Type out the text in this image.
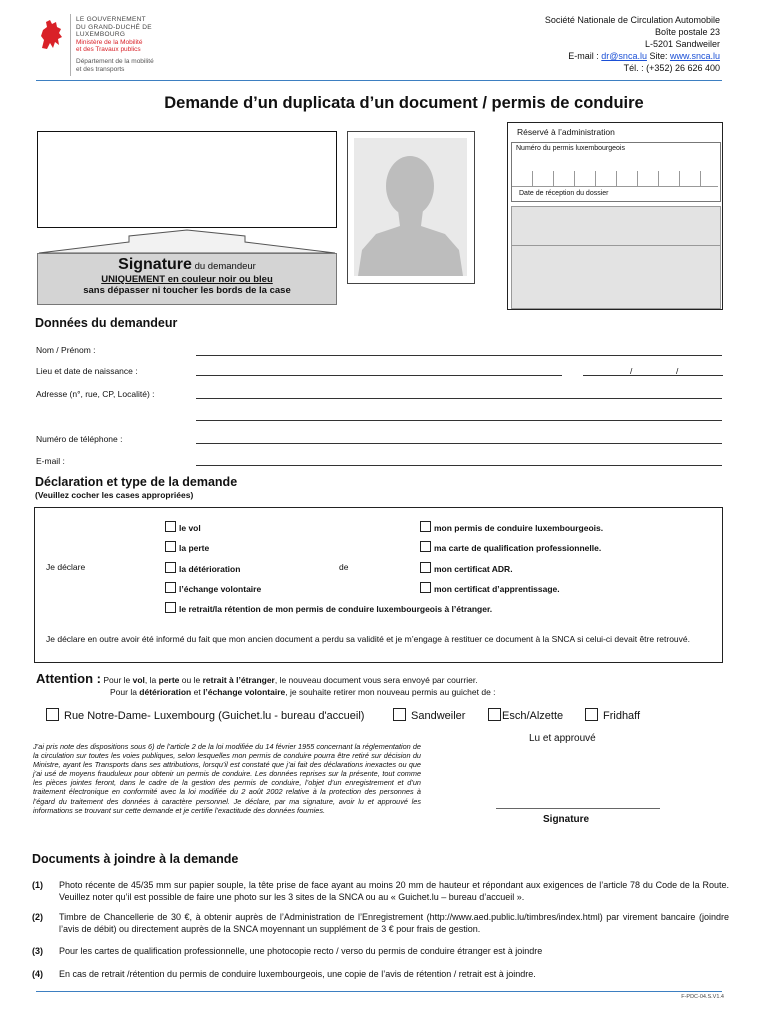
LE GOUVERNEMENT
DU GRAND-DUCHÉ DE LUXEMBOURG
Ministère de la Mobilité
et des Travaux publics
Département de la mobilité
et des transports
Société Nationale de Circulation Automobile
Boîte postale 23
L-5201 Sandweiler
E-mail : dr@snca.lu Site: www.snca.lu
Tél. : (+352) 26 626 400
Demande d’un duplicata d’un document / permis de conduire
Signature du demandeur
UNIQUEMENT en couleur noir ou bleu
sans dépasser ni toucher les bords de la case
Réservé à l’administration
Numéro du permis luxembourgeois
Date de réception du dossier
Données du demandeur
Nom / Prénom :
Lieu et date de naissance :	/	/
Adresse (n°, rue, CP, Localité) :
Numéro de téléphone :
E-mail :
Déclaration et type de la demande
(Veuillez cocher les cases appropriées)
Je déclare	de
le vol
la perte
la détérioration
l’échange volontaire
mon permis de conduire luxembourgeois.
ma carte de qualification professionnelle.
mon certificat ADR.
mon certificat d’apprentissage.
le retrait/la rétention de mon permis de conduire luxembourgeois à l’étranger.
Je déclare en outre avoir été informé du fait que mon ancien document a perdu sa validité et je m’engage à restituer ce document à la SNCA si celui-ci devait être retrouvé.
Attention : Pour le vol, la perte ou le retrait à l’étranger, le nouveau document vous sera envoyé par courrier.
Pour la détérioration et l’échange volontaire, je souhaite retirer mon nouveau permis au guichet de :
Rue Notre-Dame- Luxembourg (Guichet.lu - bureau d'accueil)	Sandweiler	Esch/Alzette	Fridhaff
J’ai pris note des dispositions sous 6) de l’article 2 de la loi modifiée du 14 février 1955 concernant la réglementation de la circulation sur toutes les voies publiques, selon lesquelles mon permis de conduire pourra être retiré sur décision du Ministre, ayant les Transports dans ses attributions, lorsqu’il est constaté que j’ai fait des déclarations inexactes ou que j’ai usé de moyens frauduleux pour obtenir un permis de conduire. Les données reprises sur la présente, tout comme les pièces jointes feront, dans le cadre de la gestion des permis de conduire, l’objet d’un enregistrement et d’un traitement électronique en conformité avec la loi modifiée du 2 août 2002 relative à la protection des personnes à l’égard du traitement des données à caractère personnel. Je déclare, par ma signature, avoir lu et approuvé les informations se trouvant sur cette demande et je certifie l’exactitude des données fournies.
Lu et approuvé
Signature
Documents à joindre à la demande
(1) Photo récente de 45/35 mm sur papier souple, la tête prise de face ayant au moins 20 mm de hauteur et répondant aux exigences de l’article 78 du Code de la Route. Veuillez noter qu’il est possible de faire une photo sur les 3 sites de la SNCA ou au « Guichet.lu – bureau d’accueil ».
(2) Timbre de Chancellerie de 30 €, à obtenir auprès de l’Administration de l’Enregistrement (http://www.aed.public.lu/timbres/index.html) par virement bancaire (joindre l’avis de débit) ou directement auprès de la SNCA moyennant un supplément de 3 € pour frais de gestion.
(3) Pour les cartes de qualification professionnelle, une photocopie recto / verso du permis de conduire étranger est à joindre
(4) En cas de retrait /rétention du permis de conduire luxembourgeois, une copie de l’avis de rétention / retrait est à joindre.
F-PDC-04.S.V1.4
